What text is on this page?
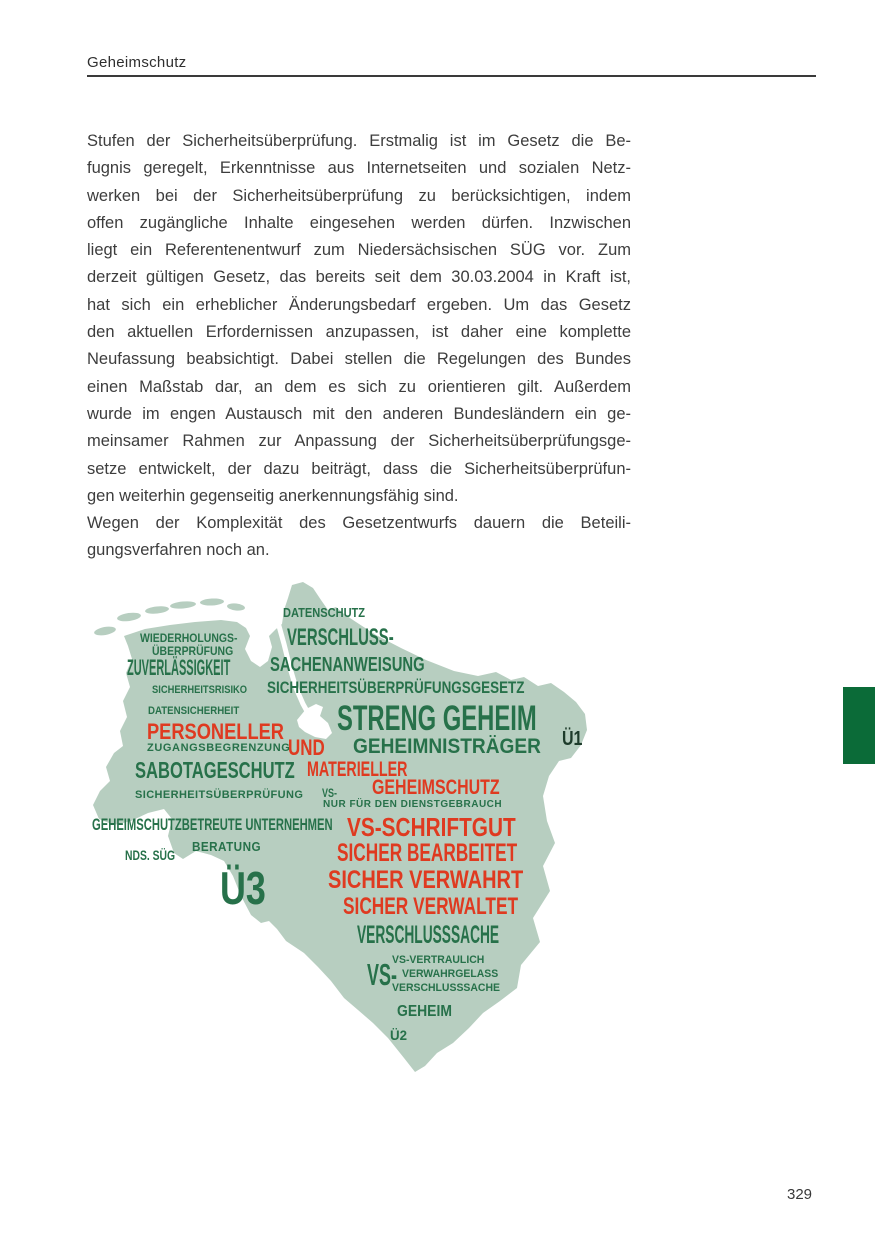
Geheimschutz
Stufen der Sicherheitsüberprüfung. Erstmalig ist im Gesetz die Be-
fugnis geregelt, Erkenntnisse aus Internetseiten und sozialen Netz-
werken bei der Sicherheitsüberprüfung zu berücksichtigen, indem
offen zugängliche Inhalte eingesehen werden dürfen. Inzwischen
liegt ein Referentenentwurf zum Niedersächsischen SÜG vor. Zum
derzeit gültigen Gesetz, das bereits seit dem 30.03.2004 in Kraft ist,
hat sich ein erheblicher Änderungsbedarf ergeben. Um das Gesetz
den aktuellen Erfordernissen anzupassen, ist daher eine komplette
Neufassung beabsichtigt. Dabei stellen die Regelungen des Bundes
einen Maßstab dar, an dem es sich zu orientieren gilt. Außerdem
wurde im engen Austausch mit den anderen Bundesländern ein ge-
meinsamer Rahmen zur Anpassung der Sicherheitsüberprüfungsge-
setze entwickelt, der dazu beiträgt, dass die Sicherheitsüberprüfun-
gen weiterhin gegenseitig anerkennungsfähig sind.
Wegen der Komplexität des Gesetzentwurfs dauern die Beteili-
gungsverfahren noch an.
DATENSCHUTZ
VERSCHLUSS-
SACHENANWEISUNG
WIEDERHOLUNGS-
ÜBERPRÜFUNG
ZUVERLÄSSIGKEIT
SICHERHEITSRISIKO SICHERHEITSÜBERPRÜFUNGSGESETZ
DATENSICHERHEIT	STRENG GEHEIM
PERSONELLER
GEHEIMNISTRÄGER Ü1
ZUGANGSBEGRENZUNG
UND
SABOTAGESCHUTZ MATERIELLER
GEHEIMSCHUTZ
SICHERHEITSÜBERPRÜFUNG VS-
NUR FÜR DEN DIENSTGEBRAUCH
GEHEIMSCHUTZBETREUTE UNTERNEHMEN VS-SCHRIFTGUT
BERATUNG
NDS. SÜG	SICHER BEARBEITET
SICHER VERWAHRT
Ü3	SICHER VERWALTET
VERSCHLUSSSACHE
VS-VERTRAULICH
VS- VERWAHRGELASS
VERSCHLUSSSACHE
GEHEIM
Ü2
329
